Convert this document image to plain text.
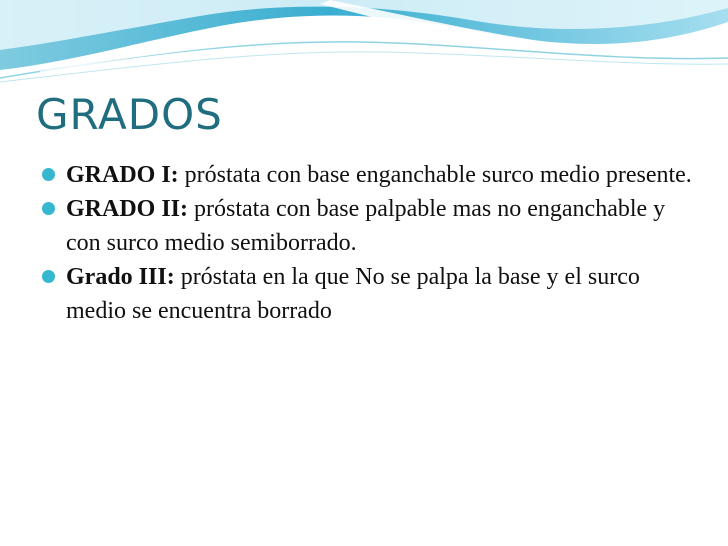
GRADOS
GRADO I: próstata con base enganchable surco medio presente.
GRADO II: próstata con base palpable mas no enganchable y con surco medio semiborrado.
Grado III: próstata en la que No se palpa la base y el surco medio se encuentra borrado
